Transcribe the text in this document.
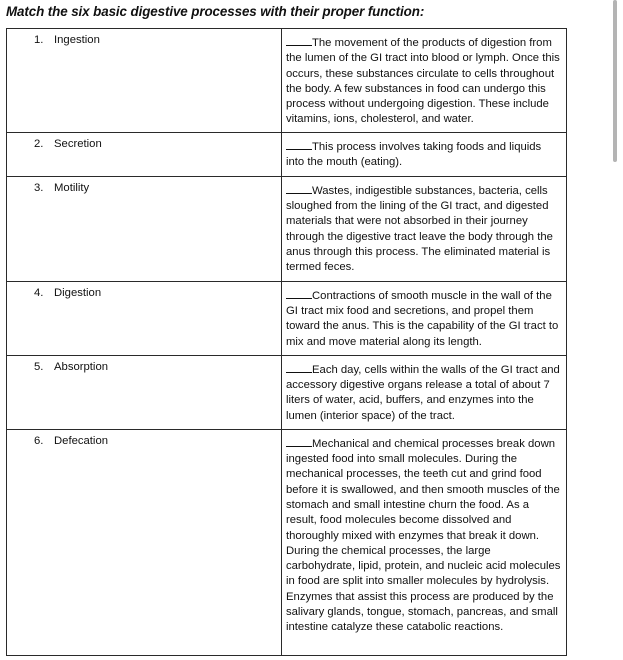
Match the six basic digestive processes with their proper function:
1. Ingestion	The movement of the products of digestion from the lumen of the GI tract into blood or lymph. Once this occurs, these substances circulate to cells throughout the body. A few substances in food can undergo this process without undergoing digestion. These include vitamins, ions, cholesterol, and water.

2. Secretion	This process involves taking foods and liquids into the mouth (eating).

3. Motility	Wastes, indigestible substances, bacteria, cells sloughed from the lining of the GI tract, and digested materials that were not absorbed in their journey through the digestive tract leave the body through the anus through this process. The eliminated material is termed feces.

4. Digestion	Contractions of smooth muscle in the wall of the GI tract mix food and secretions, and propel them toward the anus. This is the capability of the GI tract to mix and move material along its length.

5. Absorption	Each day, cells within the walls of the GI tract and accessory digestive organs release a total of about 7 liters of water, acid, buffers, and enzymes into the lumen (interior space) of the tract.

6. Defecation	Mechanical and chemical processes break down ingested food into small molecules. During the mechanical processes, the teeth cut and grind food before it is swallowed, and then smooth muscles of the stomach and small intestine churn the food. As a result, food molecules become dissolved and thoroughly mixed with enzymes that break it down. During the chemical processes, the large carbohydrate, lipid, protein, and nucleic acid molecules in food are split into smaller molecules by hydrolysis. Enzymes that assist this process are produced by the salivary glands, tongue, stomach, pancreas, and small intestine catalyze these catabolic reactions.
